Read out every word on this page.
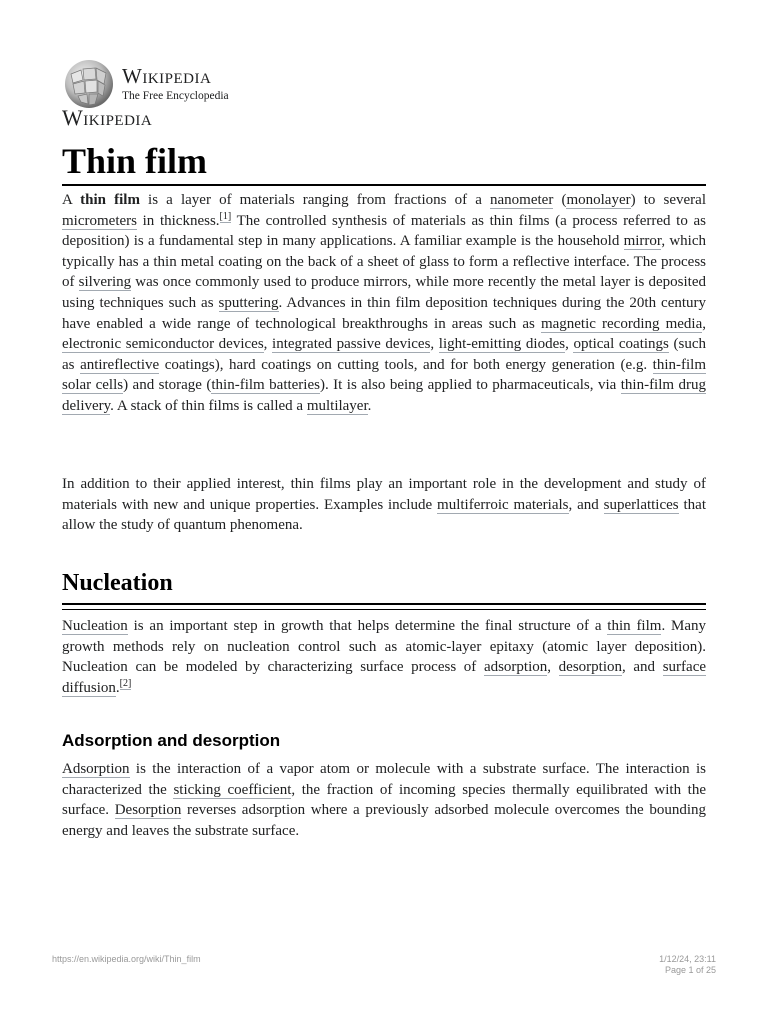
Wikipedia
The Free Encyclopedia
Wikipedia
Thin film

A thin film is a layer of materials ranging from fractions of a nanometer (monolayer) to several micrometers in thickness.[1] The controlled synthesis of materials as thin films (a process referred to as deposition) is a fundamental step in many applications. A familiar example is the household mirror, which typically has a thin metal coating on the back of a sheet of glass to form a reflective interface. The process of silvering was once commonly used to produce mirrors, while more recently the metal layer is deposited using techniques such as sputtering. Advances in thin film deposition techniques during the 20th century have enabled a wide range of technological breakthroughs in areas such as magnetic recording media, electronic semiconductor devices, integrated passive devices, light-emitting diodes, optical coatings (such as antireflective coatings), hard coatings on cutting tools, and for both energy generation (e.g. thin-film solar cells) and storage (thin-film batteries). It is also being applied to pharmaceuticals, via thin-film drug delivery. A stack of thin films is called a multilayer.

In addition to their applied interest, thin films play an important role in the development and study of materials with new and unique properties. Examples include multiferroic materials, and superlattices that allow the study of quantum phenomena.

Nucleation

Nucleation is an important step in growth that helps determine the final structure of a thin film. Many growth methods rely on nucleation control such as atomic-layer epitaxy (atomic layer deposition). Nucleation can be modeled by characterizing surface process of adsorption, desorption, and surface diffusion.[2]

Adsorption and desorption

Adsorption is the interaction of a vapor atom or molecule with a substrate surface. The interaction is characterized the sticking coefficient, the fraction of incoming species thermally equilibrated with the surface. Desorption reverses adsorption where a previously adsorbed molecule overcomes the bounding energy and leaves the substrate surface.

https://en.wikipedia.org/wiki/Thin_film	1/12/24, 23:11
Page 1 of 25
